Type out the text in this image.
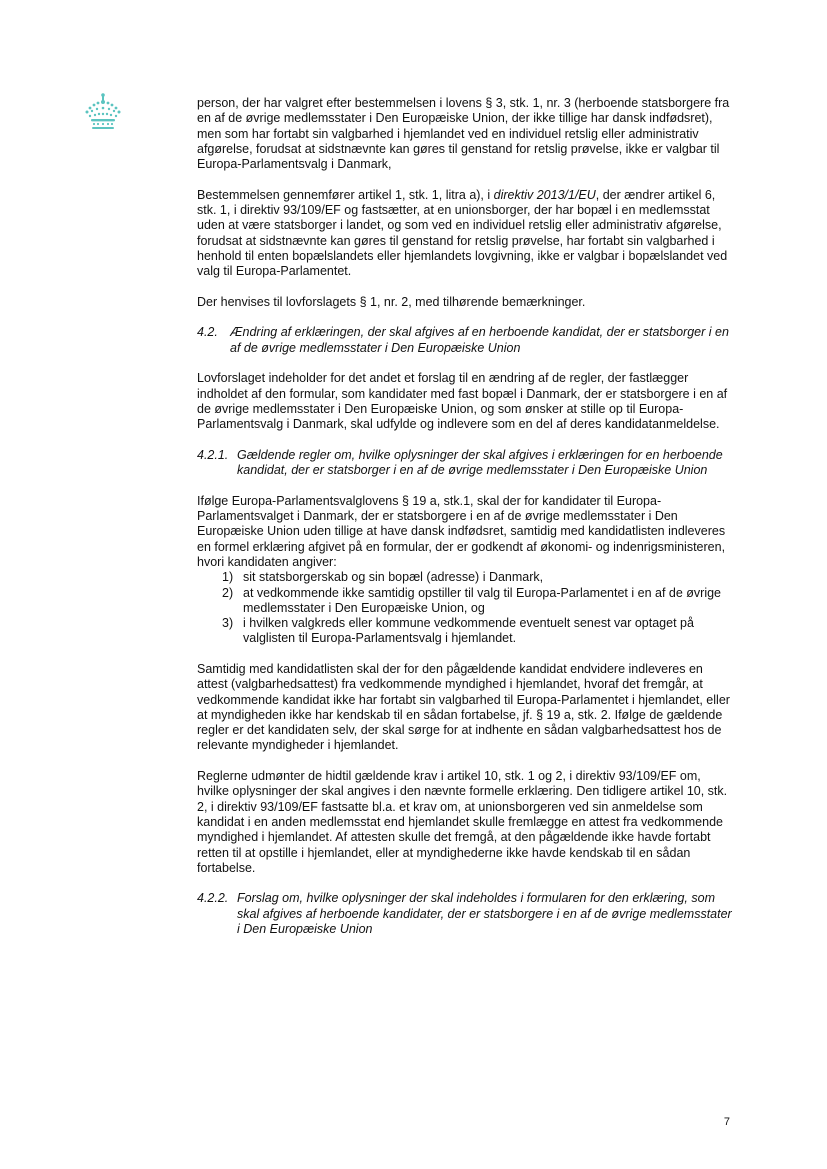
person, der har valgret efter bestemmelsen i lovens § 3, stk. 1, nr. 3 (herboende statsborgere fra en af de øvrige medlemsstater i Den Europæiske Union, der ikke tillige har dansk indfødsret), men som har fortabt sin valgbarhed i hjemlandet ved en individuel retslig eller administrativ afgørelse, forudsat at sidstnævnte kan gøres til genstand for retslig prøvelse, ikke er valgbar til Europa-Parlamentsvalg i Danmark,

Bestemmelsen gennemfører artikel 1, stk. 1, litra a), i direktiv 2013/1/EU, der ændrer artikel 6, stk. 1, i direktiv 93/109/EF og fastsætter, at en unionsborger, der har bopæl i en medlemsstat uden at være statsborger i landet, og som ved en individuel retslig eller administrativ afgørelse, forudsat at sidstnævnte kan gøres til genstand for retslig prøvelse, har fortabt sin valgbarhed i henhold til enten bopælslandets eller hjemlandets lovgivning, ikke er valgbar i bopælslandet ved valg til Europa-Parlamentet.

Der henvises til lovforslagets § 1, nr. 2, med tilhørende bemærkninger.

4.2. Ændring af erklæringen, der skal afgives af en herboende kandidat, der er statsborger i en af de øvrige medlemsstater i Den Europæiske Union

Lovforslaget indeholder for det andet et forslag til en ændring af de regler, der fastlægger indholdet af den formular, som kandidater med fast bopæl i Danmark, der er statsborgere i en af de øvrige medlemsstater i Den Europæiske Union, og som ønsker at stille op til Europa-Parlamentsvalg i Danmark, skal udfylde og indlevere som en del af deres kandidatanmeldelse.

4.2.1. Gældende regler om, hvilke oplysninger der skal afgives i erklæringen for en herboende kandidat, der er statsborger i en af de øvrige medlemsstater i Den Europæiske Union

Ifølge Europa-Parlamentsvalglovens § 19 a, stk.1, skal der for kandidater til Europa-Parlamentsvalget i Danmark, der er statsborgere i en af de øvrige medlemsstater i Den Europæiske Union uden tillige at have dansk indfødsret, samtidig med kandidatlisten indleveres en formel erklæring afgivet på en formular, der er godkendt af økonomi- og indenrigsministeren, hvori kandidaten angiver:

1) sit statsborgerskab og sin bopæl (adresse) i Danmark,
2) at vedkommende ikke samtidig opstiller til valg til Europa-Parlamentet i en af de øvrige medlemsstater i Den Europæiske Union, og
3) i hvilken valgkreds eller kommune vedkommende eventuelt senest var optaget på valglisten til Europa-Parlamentsvalg i hjemlandet.

Samtidig med kandidatlisten skal der for den pågældende kandidat endvidere indleveres en attest (valgbarhedsattest) fra vedkommende myndighed i hjemlandet, hvoraf det fremgår, at vedkommende kandidat ikke har fortabt sin valgbarhed til Europa-Parlamentet i hjemlandet, eller at myndigheden ikke har kendskab til en sådan fortabelse, jf. § 19 a, stk. 2. Ifølge de gældende regler er det kandidaten selv, der skal sørge for at indhente en sådan valgbarhedsattest hos de relevante myndigheder i hjemlandet.

Reglerne udmønter de hidtil gældende krav i artikel 10, stk. 1 og 2, i direktiv 93/109/EF om, hvilke oplysninger der skal angives i den nævnte formelle erklæring. Den tidligere artikel 10, stk. 2, i direktiv 93/109/EF fastsatte bl.a. et krav om, at unionsborgeren ved sin anmeldelse som kandidat i en anden medlemsstat end hjemlandet skulle fremlægge en attest fra vedkommende myndighed i hjemlandet. Af attesten skulle det fremgå, at den pågældende ikke havde fortabt retten til at opstille i hjemlandet, eller at myndighederne ikke havde kendskab til en sådan fortabelse.

4.2.2. Forslag om, hvilke oplysninger der skal indeholdes i formularen for den erklæring, som skal afgives af herboende kandidater, der er statsborgere i en af de øvrige medlemsstater i Den Europæiske Union
7
